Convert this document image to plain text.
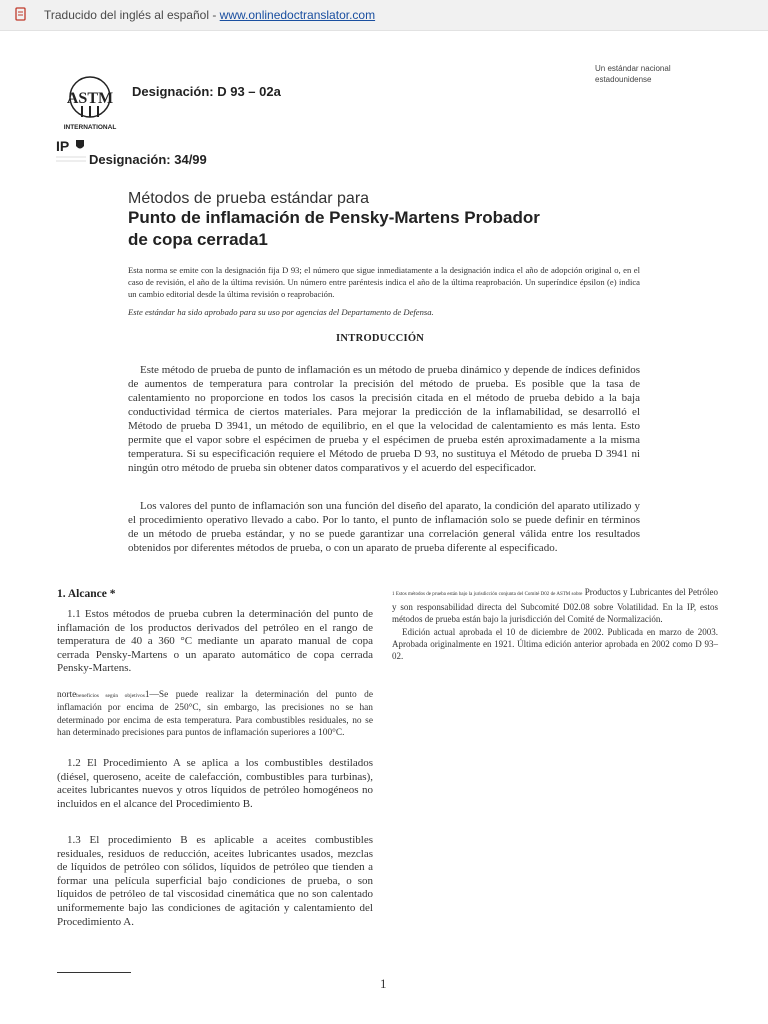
Traducido del inglés al español - www.onlinedoctranslator.com
Un estándar nacional
estadounidense
ASTM
INTERNATIONAL
Designación: D 93 – 02a
IP
Designación: 34/99
Métodos de prueba estándar para
Punto de inflamación de Pensky-Martens Probador
de copa cerrada1
Esta norma se emite con la designación fija D 93; el número que sigue inmediatamente a la designación indica el año de adopción original o, en el caso de revisión, el año de la última revisión. Un número entre paréntesis indica el año de la última reaprobación. Un superíndice épsilon (e) indica un cambio editorial desde la última revisión o reaprobación.
Este estándar ha sido aprobado para su uso por agencias del Departamento de Defensa.
INTRODUCCIÓN

Este método de prueba de punto de inflamación es un método de prueba dinámico y depende de índices definidos de aumentos de temperatura para controlar la precisión del método de prueba. Es posible que la tasa de calentamiento no proporcione en todos los casos la precisión citada en el método de prueba debido a la baja conductividad térmica de ciertos materiales. Para mejorar la predicción de la inflamabilidad, se desarrolló el Método de prueba D 3941, un método de equilibrio, en el que la velocidad de calentamiento es más lenta. Esto permite que el vapor sobre el espécimen de prueba y el espécimen de prueba estén aproximadamente a la misma temperatura. Si su especificación requiere el Método de prueba D 93, no sustituya el Método de prueba D 3941 ni ningún otro método de prueba sin obtener datos comparativos y el acuerdo del especificador.

Los valores del punto de inflamación son una función del diseño del aparato, la condición del aparato utilizado y el procedimiento operativo llevado a cabo. Por lo tanto, el punto de inflamación solo se puede definir en términos de un método de prueba estándar, y no se puede garantizar una correlación general válida entre los resultados obtenidos por diferentes métodos de prueba, o con un aparato de prueba diferente al especificado.

1. Alcance *

1.1 Estos métodos de prueba cubren la determinación del punto de inflamación de los productos derivados del petróleo en el rango de temperatura de 40 a 360 °C mediante un aparato manual de copa cerrada Pensky-Martens o un aparato automático de copa cerrada Pensky-Martens.

nortebeneficios según objetivos1—Se puede realizar la determinación del punto de inflamación por encima de 250°C, sin embargo, las precisiones no se han determinado por encima de esta temperatura. Para combustibles residuales, no se han determinado precisiones para puntos de inflamación superiores a 100°C.

1.2 El Procedimiento A se aplica a los combustibles destilados (diésel, queroseno, aceite de calefacción, combustibles para turbinas), aceites lubricantes nuevos y otros líquidos de petróleo homogéneos no incluidos en el alcance del Procedimiento B.

1.3 El procedimiento B es aplicable a aceites combustibles residuales, residuos de reducción, aceites lubricantes usados, mezclas de líquidos de petróleo con sólidos, líquidos de petróleo que tienden a formar una película superficial bajo condiciones de prueba, o son líquidos de petróleo de tal viscosidad cinemática que no son calentado uniformemente bajo las condiciones de agitación y calentamiento del Procedimiento A.

1

1 Estos métodos de prueba están bajo la jurisdicción conjunta del Comité D02 de ASTM sobre Productos y Lubricantes del Petróleo y son responsabilidad directa del Subcomité D02.08 sobre Volatilidad. En la IP, estos métodos de prueba están bajo la jurisdicción del Comité de Normalización.

Edición actual aprobada el 10 de diciembre de 2002. Publicada en marzo de 2003. Aprobada originalmente en 1921. Última edición anterior aprobada en 2002 como D 93–02.
